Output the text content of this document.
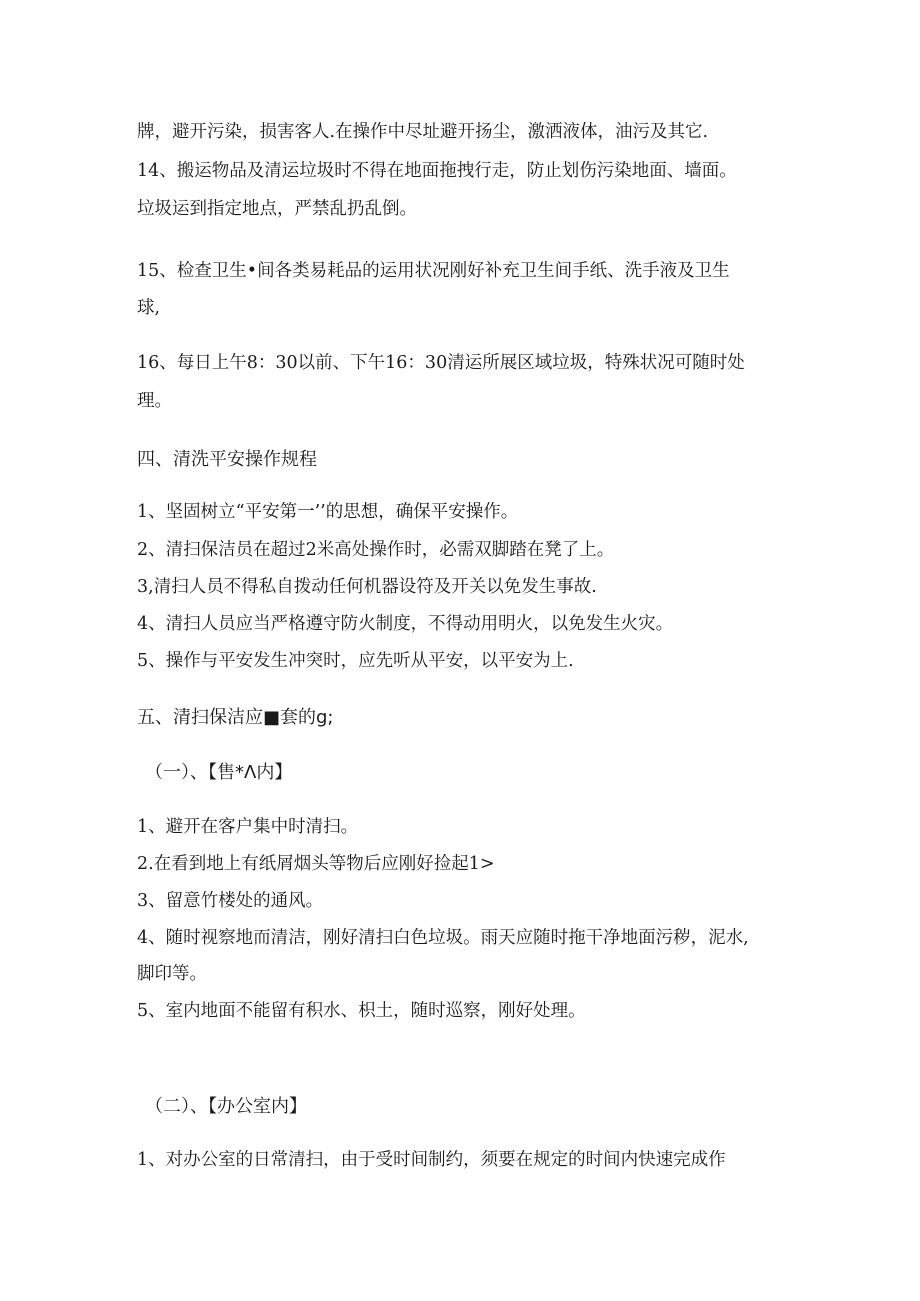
牌，避开污染，损害客人.在操作中尽址避开扬尘，激洒液体，油污及其它.
14、搬运物品及清运垃圾时不得在地面拖拽行走，防止划伤污染地面、墙面。
垃圾运到指定地点，严禁乱扔乱倒。
15、检查卫生•间各类易耗品的运用状况刚好补充卫生间手纸、洗手液及卫生
球,
16、每日上午8：30以前、下午16：30清运所展区域垃圾，特殊状况可随时处
理。
四、清洗平安操作规程
1、坚固树立“平安第一’’的思想，确保平安操作。
2、清扫保洁员在超过2米高处操作时，必需双脚踏在凳了上。
3,清扫人员不得私自拨动任何机器设符及开关以免发生事故.
4、清扫人员应当严格遵守防火制度，不得动用明火，以免发生火灾。
5、操作与平安发生冲突时，应先听从平安，以平安为上.
五、清扫保洁应■套的g;
（一）、【售*Λ内】
1、避开在客户集中时清扫。
2.在看到地上有纸屑烟头等物后应刚好捡起1>
3、留意竹楼处的通风。
4、随时视察地而清洁，刚好清扫白色垃圾。雨天应随时拖干净地面污秽，泥水,
脚印等。
5、室内地面不能留有积水、枳土，随时巡察，刚好处理。
（二）、【办公室内】
1、对办公室的日常清扫，由于受时间制约，须要在规定的时间内快速完成作
